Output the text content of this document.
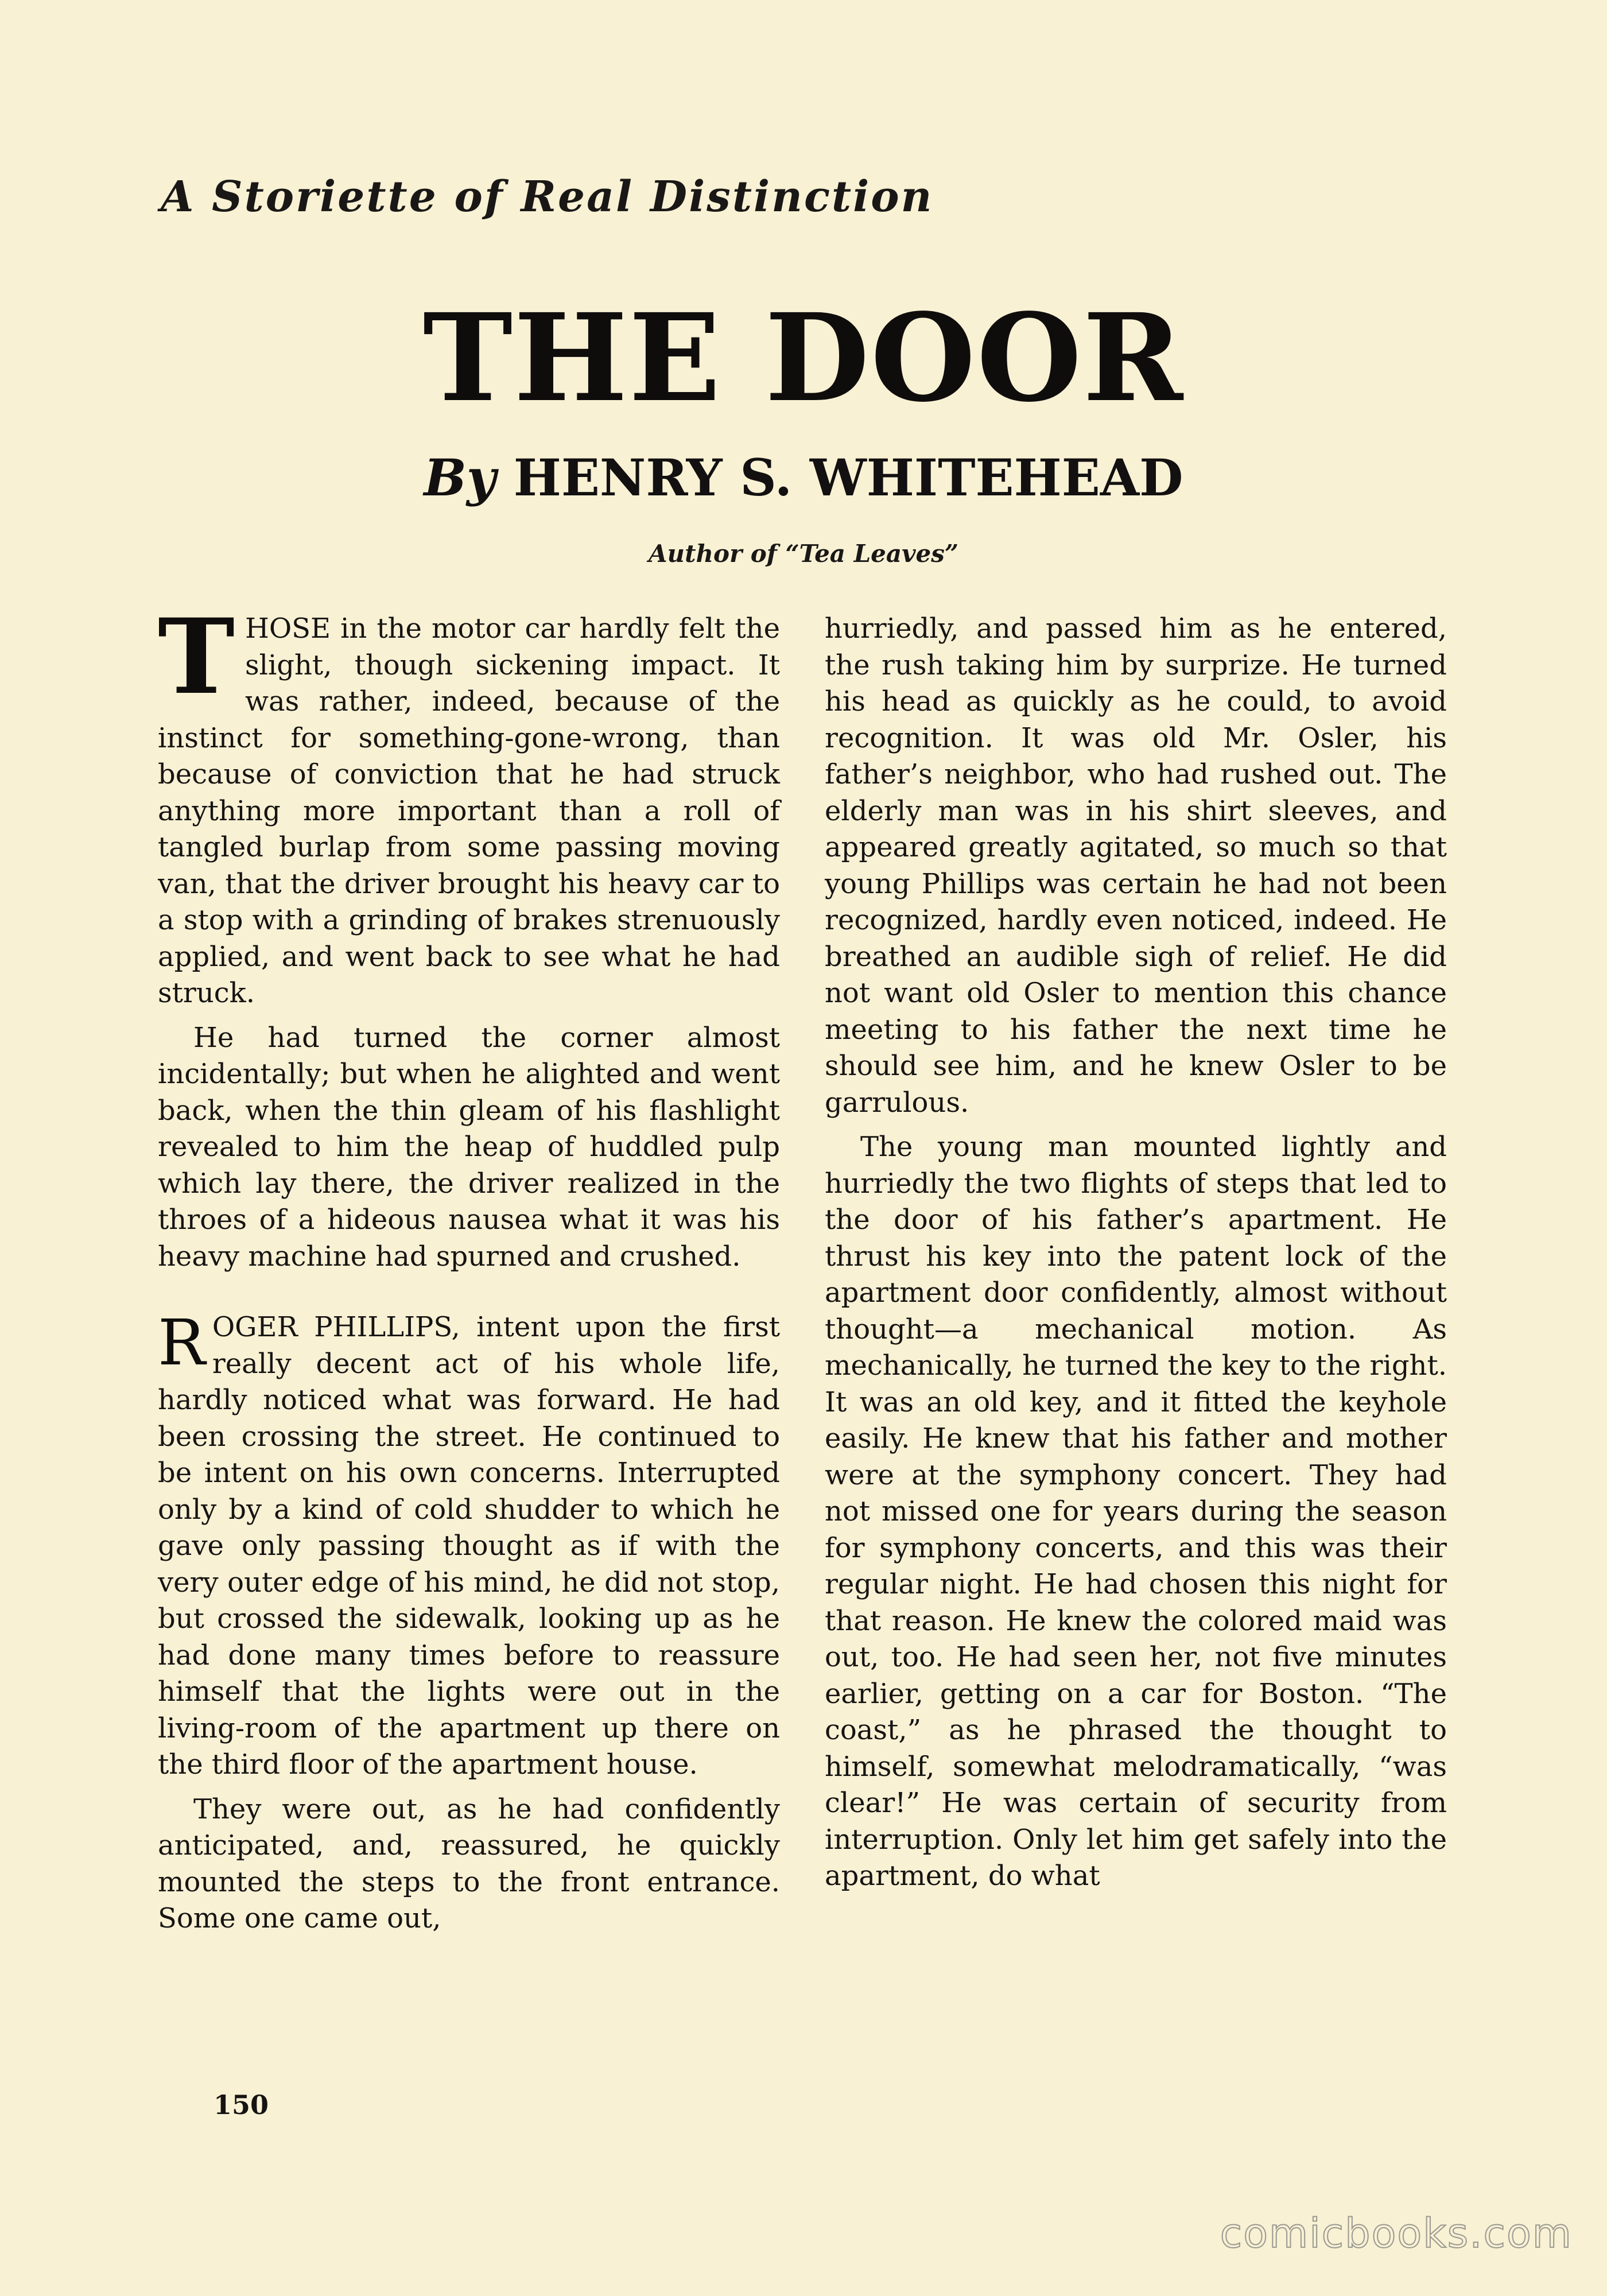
A Storiette of Real Distinction
THE DOOR
By HENRY S. WHITEHEAD
Author of “Tea Leaves”

T HOSE in the motor car hardly felt the slight, though sickening impact. It was rather, indeed, because of the instinct for something-gone-wrong, than because of conviction that he had struck anything more important than a roll of tangled burlap from some passing moving van, that the driver brought his heavy car to a stop with a grinding of brakes strenuously applied, and went back to see what he had struck.

He had turned the corner almost incidentally; but when he alighted and went back, when the thin gleam of his flashlight revealed to him the heap of huddled pulp which lay there, the driver realized in the throes of a hideous nausea what it was his heavy machine had spurned and crushed.

R OGER PHILLIPS, intent upon the first really decent act of his whole life, hardly noticed what was forward. He had been crossing the street. He continued to be intent on his own concerns. Interrupted only by a kind of cold shudder to which he gave only passing thought as if with the very outer edge of his mind, he did not stop, but crossed the sidewalk, looking up as he had done many times before to reassure himself that the lights were out in the living-room of the apartment up there on the third floor of the apartment house.

They were out, as he had confidently anticipated, and, reassured, he quickly mounted the steps to the front entrance. Some one came out,

hurriedly, and passed him as he entered, the rush taking him by surprize. He turned his head as quickly as he could, to avoid recognition. It was old Mr. Osler, his father’s neighbor, who had rushed out. The elderly man was in his shirt sleeves, and appeared greatly agitated, so much so that young Phillips was certain he had not been recognized, hardly even noticed, indeed. He breathed an audible sigh of relief. He did not want old Osler to mention this chance meeting to his father the next time he should see him, and he knew Osler to be garrulous.

The young man mounted lightly and hurriedly the two flights of steps that led to the door of his father’s apartment. He thrust his key into the patent lock of the apartment door confidently, almost without thought—a mechanical motion. As mechanically, he turned the key to the right. It was an old key, and it fitted the keyhole easily. He knew that his father and mother were at the symphony concert. They had not missed one for years during the season for symphony concerts, and this was their regular night. He had chosen this night for that reason. He knew the colored maid was out, too. He had seen her, not five minutes earlier, getting on a car for Boston. “The coast,” as he phrased the thought to himself, somewhat melodramatically, “was clear!” He was certain of security from interruption. Only let him get safely into the apartment, do what

150
comicbooks.com
